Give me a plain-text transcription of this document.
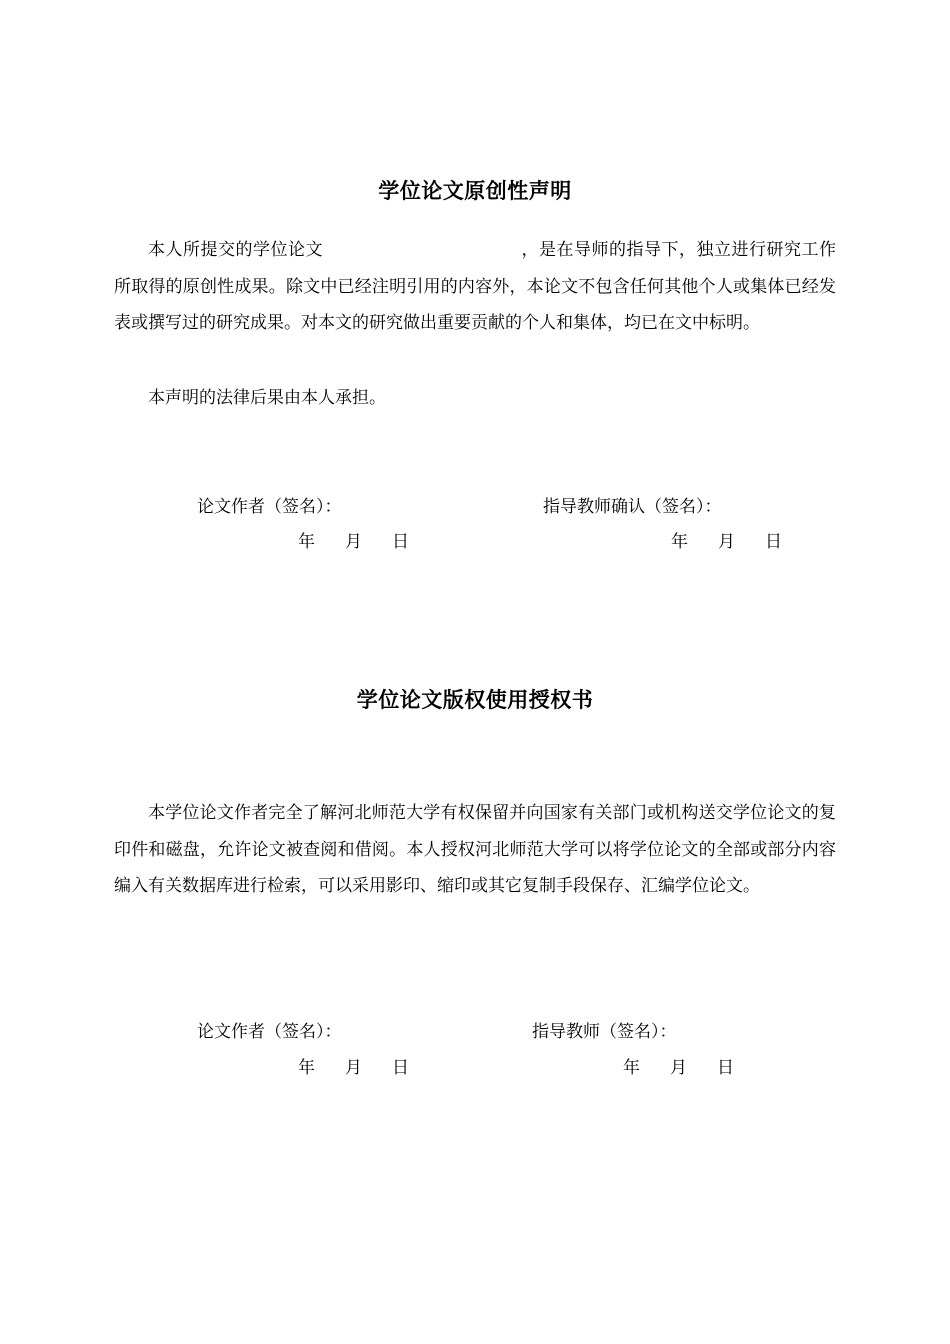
学位论文原创性声明

本人所提交的学位论文	，是在导师的指导下，独立进行研究工作所取得的原创性成果。除文中已经注明引用的内容外，本论文不包含任何其他个人或集体已经发表或撰写过的研究成果。对本文的研究做出重要贡献的个人和集体，均已在文中标明。

本声明的法律后果由本人承担。

论文作者（签名）：	指导教师确认（签名）：
年 月 日	年 月 日
学位论文版权使用授权书

本学位论文作者完全了解河北师范大学有权保留并向国家有关部门或机构送交学位论文的复印件和磁盘，允许论文被查阅和借阅。本人授权河北师范大学可以将学位论文的全部或部分内容编入有关数据库进行检索，可以采用影印、缩印或其它复制手段保存、汇编学位论文。

论文作者（签名）：	指导教师（签名）：
年 月 日	年 月 日
